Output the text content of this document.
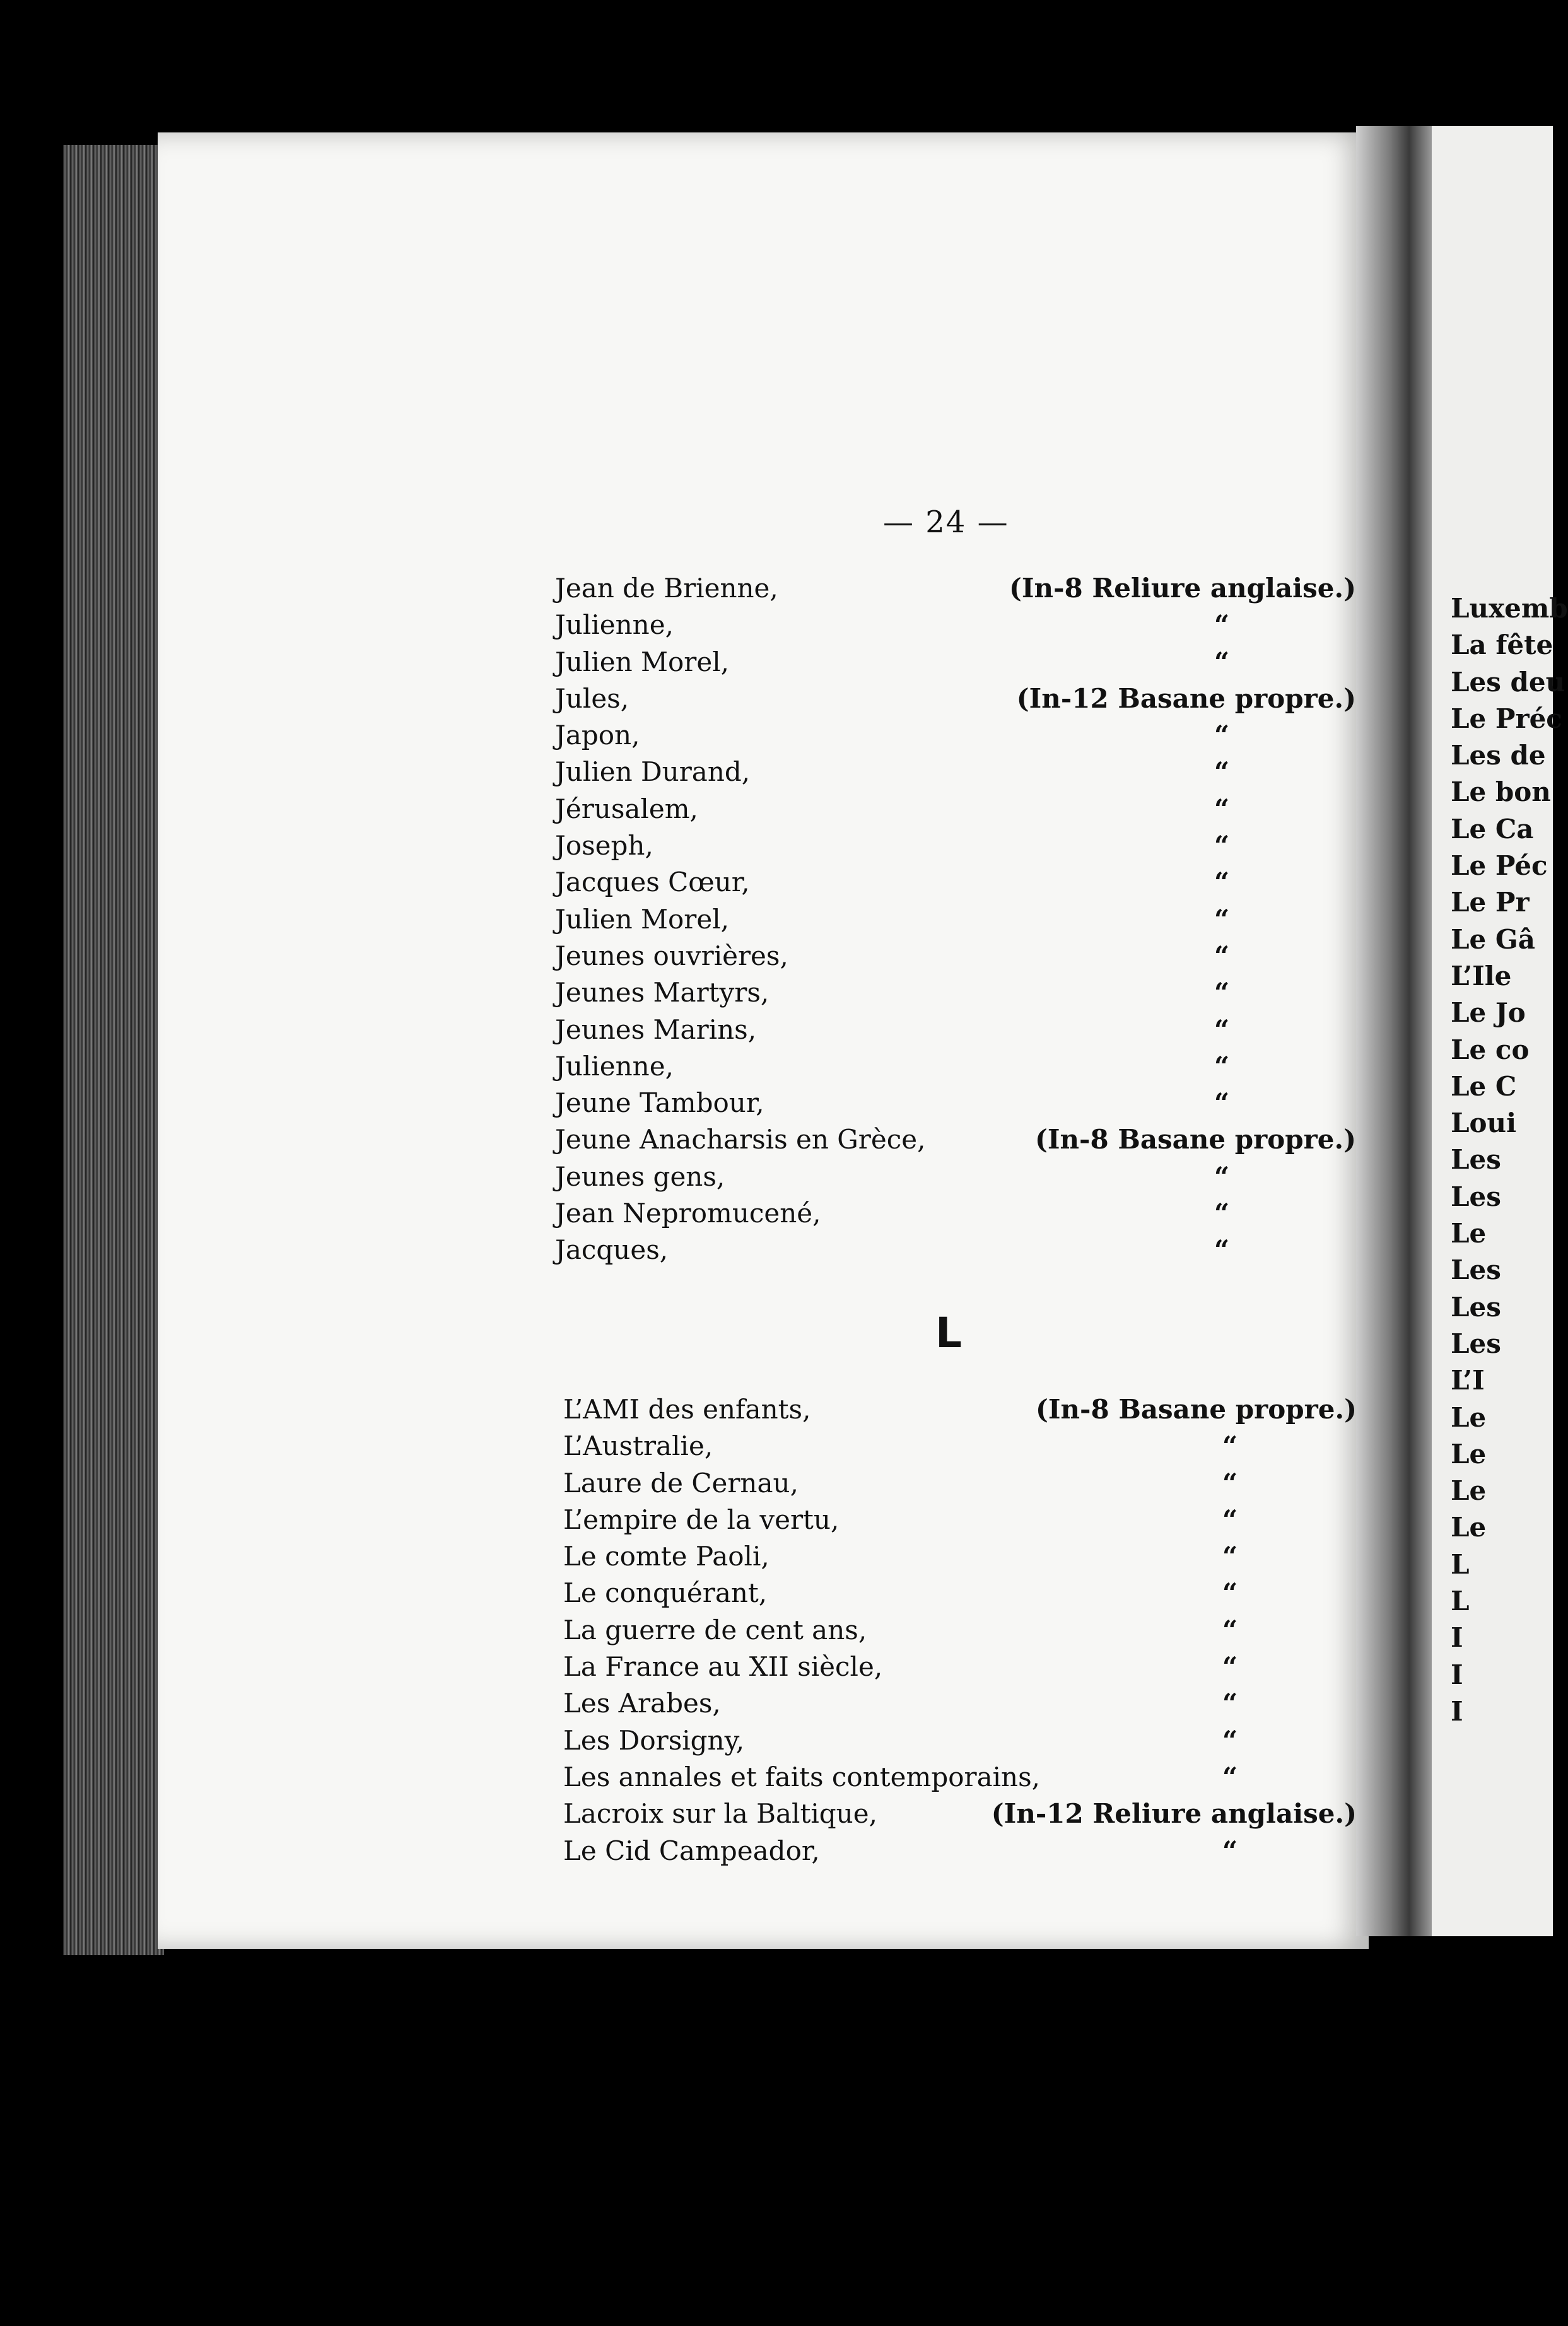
Luxemb
La fête
Les deu
Le Préc
Les de
Le bon
Le Ca
Le Péc
Le Pr
Le Gâ
L’Ile
Le Jo
Le co
Le C
Loui
Les
Les
Le
Les
Les
Les
L’I
Le
Le
Le
Le
L
L
I
I
I
— 24 —
Jean de Brienne,	(In-8 Reliure anglaise.)
Julienne,	“
Julien Morel,	“
Jules,	(In-12 Basane propre.)
Japon,	“
Julien Durand,	“
Jérusalem,	“
Joseph,	“
Jacques Cœur,	“
Julien Morel,	“
Jeunes ouvrières,	“
Jeunes Martyrs,	“
Jeunes Marins,	“
Julienne,	“
Jeune Tambour,	“
Jeune Anacharsis en Grèce,	(In-8 Basane propre.)
Jeunes gens,	“
Jean Nepromucené,	“
Jacques,	“
L
L’AMI des enfants,	(In-8 Basane propre.)
L’Australie,	“
Laure de Cernau,	“
L’empire de la vertu,	“
Le comte Paoli,	“
Le conquérant,	“
La guerre de cent ans,	“
La France au XII siècle,	“
Les Arabes,	“
Les Dorsigny,	“
Les annales et faits contemporains,	“
Lacroix sur la Baltique,	(In-12 Reliure anglaise.)
Le Cid Campeador,	“
